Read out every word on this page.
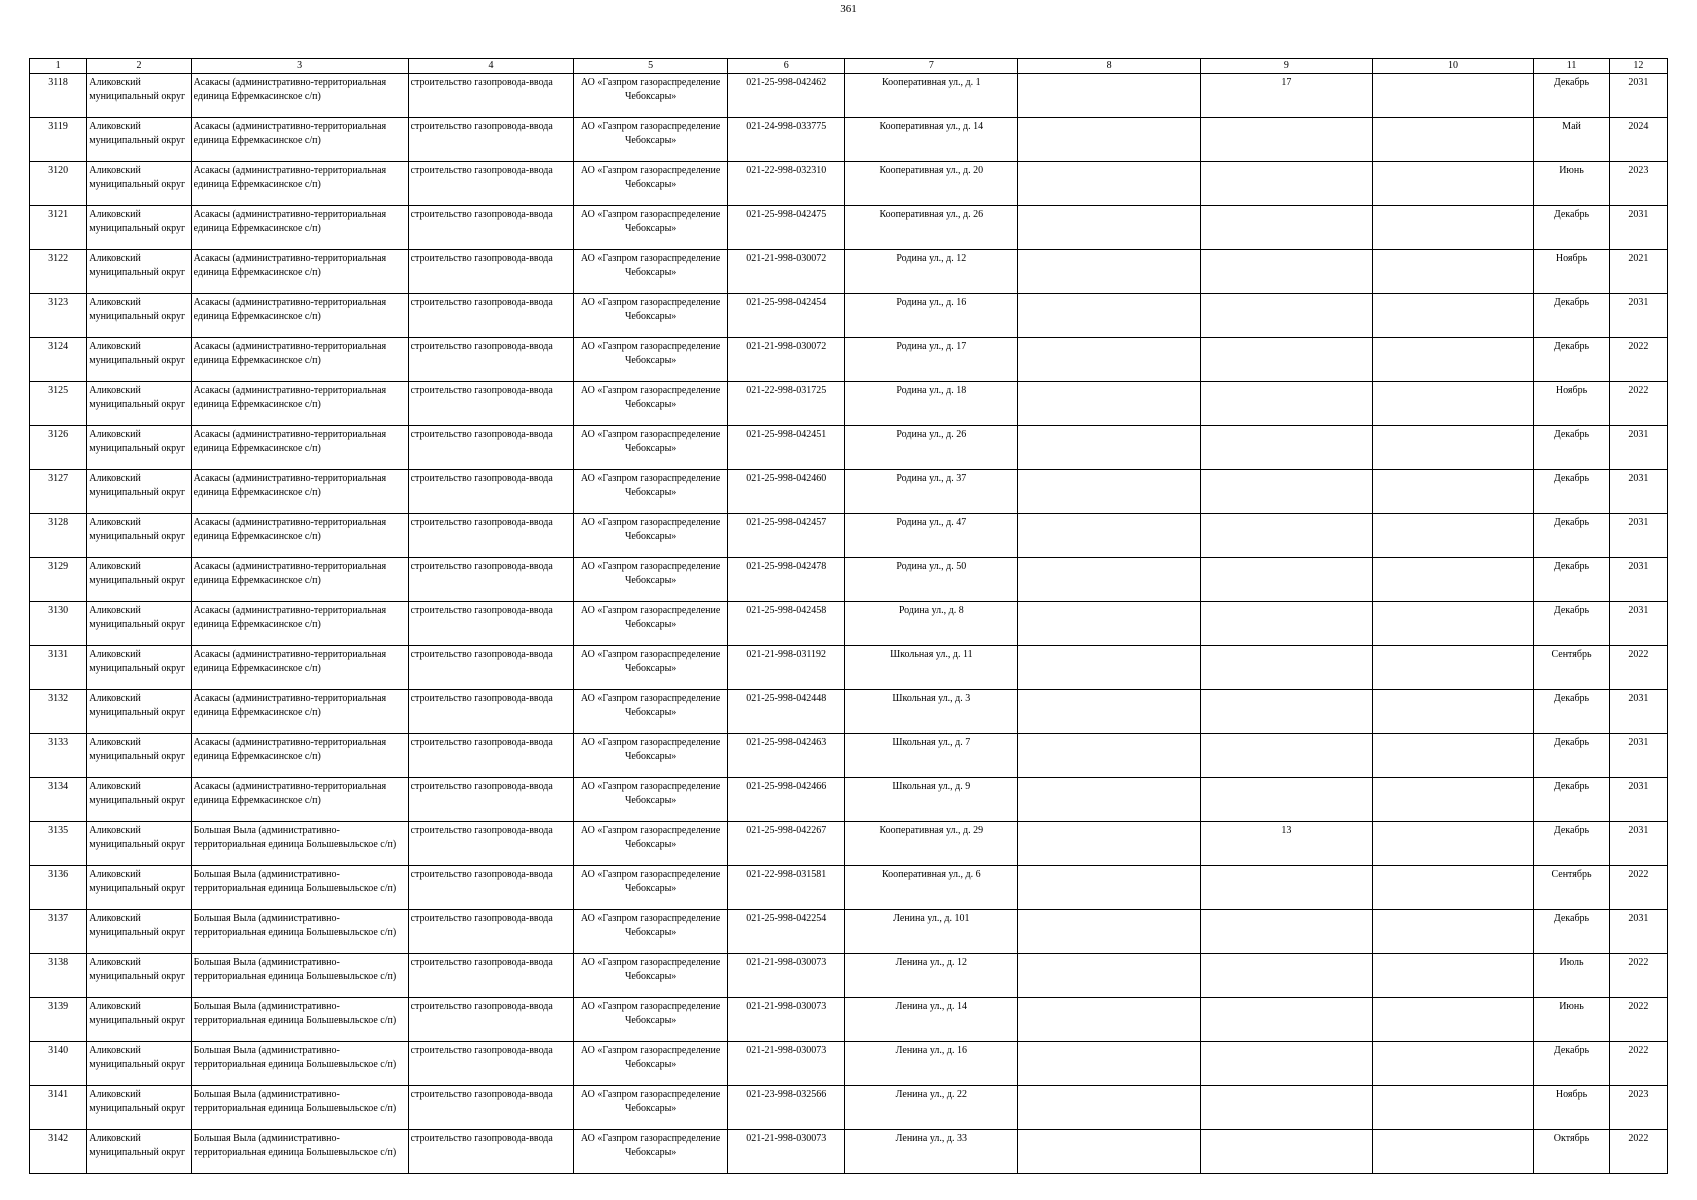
361
1	2	3	4	5	6	7	8	9	10	11	12

3118	Аликовский муниципальный округ	Асакасы (административно-территориальная единица Ефремкасинское с/п)	строительство газопровода-ввода	АО «Газпром газораспределение Чебоксары»	021-25-998-042462	Кооперативная ул., д. 1		17		Декабрь	2031

3119	Аликовский муниципальный округ	Асакасы (административно-территориальная единица Ефремкасинское с/п)	строительство газопровода-ввода	АО «Газпром газораспределение Чебоксары»	021-24-998-033775	Кооперативная ул., д. 14				Май	2024

3120	Аликовский муниципальный округ	Асакасы (административно-территориальная единица Ефремкасинское с/п)	строительство газопровода-ввода	АО «Газпром газораспределение Чебоксары»	021-22-998-032310	Кооперативная ул., д. 20				Июнь	2023

3121	Аликовский муниципальный округ	Асакасы (административно-территориальная единица Ефремкасинское с/п)	строительство газопровода-ввода	АО «Газпром газораспределение Чебоксары»	021-25-998-042475	Кооперативная ул., д. 26				Декабрь	2031

3122	Аликовский муниципальный округ	Асакасы (административно-территориальная единица Ефремкасинское с/п)	строительство газопровода-ввода	АО «Газпром газораспределение Чебоксары»	021-21-998-030072	Родина ул., д. 12				Ноябрь	2021

3123	Аликовский муниципальный округ	Асакасы (административно-территориальная единица Ефремкасинское с/п)	строительство газопровода-ввода	АО «Газпром газораспределение Чебоксары»	021-25-998-042454	Родина ул., д. 16				Декабрь	2031

3124	Аликовский муниципальный округ	Асакасы (административно-территориальная единица Ефремкасинское с/п)	строительство газопровода-ввода	АО «Газпром газораспределение Чебоксары»	021-21-998-030072	Родина ул., д. 17				Декабрь	2022

3125	Аликовский муниципальный округ	Асакасы (административно-территориальная единица Ефремкасинское с/п)	строительство газопровода-ввода	АО «Газпром газораспределение Чебоксары»	021-22-998-031725	Родина ул., д. 18				Ноябрь	2022

3126	Аликовский муниципальный округ	Асакасы (административно-территориальная единица Ефремкасинское с/п)	строительство газопровода-ввода	АО «Газпром газораспределение Чебоксары»	021-25-998-042451	Родина ул., д. 26				Декабрь	2031

3127	Аликовский муниципальный округ	Асакасы (административно-территориальная единица Ефремкасинское с/п)	строительство газопровода-ввода	АО «Газпром газораспределение Чебоксары»	021-25-998-042460	Родина ул., д. 37				Декабрь	2031

3128	Аликовский муниципальный округ	Асакасы (административно-территориальная единица Ефремкасинское с/п)	строительство газопровода-ввода	АО «Газпром газораспределение Чебоксары»	021-25-998-042457	Родина ул., д. 47				Декабрь	2031

3129	Аликовский муниципальный округ	Асакасы (административно-территориальная единица Ефремкасинское с/п)	строительство газопровода-ввода	АО «Газпром газораспределение Чебоксары»	021-25-998-042478	Родина ул., д. 50				Декабрь	2031

3130	Аликовский муниципальный округ	Асакасы (административно-территориальная единица Ефремкасинское с/п)	строительство газопровода-ввода	АО «Газпром газораспределение Чебоксары»	021-25-998-042458	Родина ул., д. 8				Декабрь	2031

3131	Аликовский муниципальный округ	Асакасы (административно-территориальная единица Ефремкасинское с/п)	строительство газопровода-ввода	АО «Газпром газораспределение Чебоксары»	021-21-998-031192	Школьная ул., д. 11				Сентябрь	2022

3132	Аликовский муниципальный округ	Асакасы (административно-территориальная единица Ефремкасинское с/п)	строительство газопровода-ввода	АО «Газпром газораспределение Чебоксары»	021-25-998-042448	Школьная ул., д. 3				Декабрь	2031

3133	Аликовский муниципальный округ	Асакасы (административно-территориальная единица Ефремкасинское с/п)	строительство газопровода-ввода	АО «Газпром газораспределение Чебоксары»	021-25-998-042463	Школьная ул., д. 7				Декабрь	2031

3134	Аликовский муниципальный округ	Асакасы (административно-территориальная единица Ефремкасинское с/п)	строительство газопровода-ввода	АО «Газпром газораспределение Чебоксары»	021-25-998-042466	Школьная ул., д. 9				Декабрь	2031

3135	Аликовский муниципальный округ	Большая Выла (административно-территориальная единица Большевыльское с/п)	строительство газопровода-ввода	АО «Газпром газораспределение Чебоксары»	021-25-998-042267	Кооперативная ул., д. 29		13		Декабрь	2031

3136	Аликовский муниципальный округ	Большая Выла (административно-территориальная единица Большевыльское с/п)	строительство газопровода-ввода	АО «Газпром газораспределение Чебоксары»	021-22-998-031581	Кооперативная ул., д. 6				Сентябрь	2022

3137	Аликовский муниципальный округ	Большая Выла (административно-территориальная единица Большевыльское с/п)	строительство газопровода-ввода	АО «Газпром газораспределение Чебоксары»	021-25-998-042254	Ленина ул., д. 101				Декабрь	2031

3138	Аликовский муниципальный округ	Большая Выла (административно-территориальная единица Большевыльское с/п)	строительство газопровода-ввода	АО «Газпром газораспределение Чебоксары»	021-21-998-030073	Ленина ул., д. 12				Июль	2022

3139	Аликовский муниципальный округ	Большая Выла (административно-территориальная единица Большевыльское с/п)	строительство газопровода-ввода	АО «Газпром газораспределение Чебоксары»	021-21-998-030073	Ленина ул., д. 14				Июнь	2022

3140	Аликовский муниципальный округ	Большая Выла (административно-территориальная единица Большевыльское с/п)	строительство газопровода-ввода	АО «Газпром газораспределение Чебоксары»	021-21-998-030073	Ленина ул., д. 16				Декабрь	2022

3141	Аликовский муниципальный округ	Большая Выла (административно-территориальная единица Большевыльское с/п)	строительство газопровода-ввода	АО «Газпром газораспределение Чебоксары»	021-23-998-032566	Ленина ул., д. 22				Ноябрь	2023

3142	Аликовский муниципальный округ	Большая Выла (административно-территориальная единица Большевыльское с/п)	строительство газопровода-ввода	АО «Газпром газораспределение Чебоксары»	021-21-998-030073	Ленина ул., д. 33				Октябрь	2022
